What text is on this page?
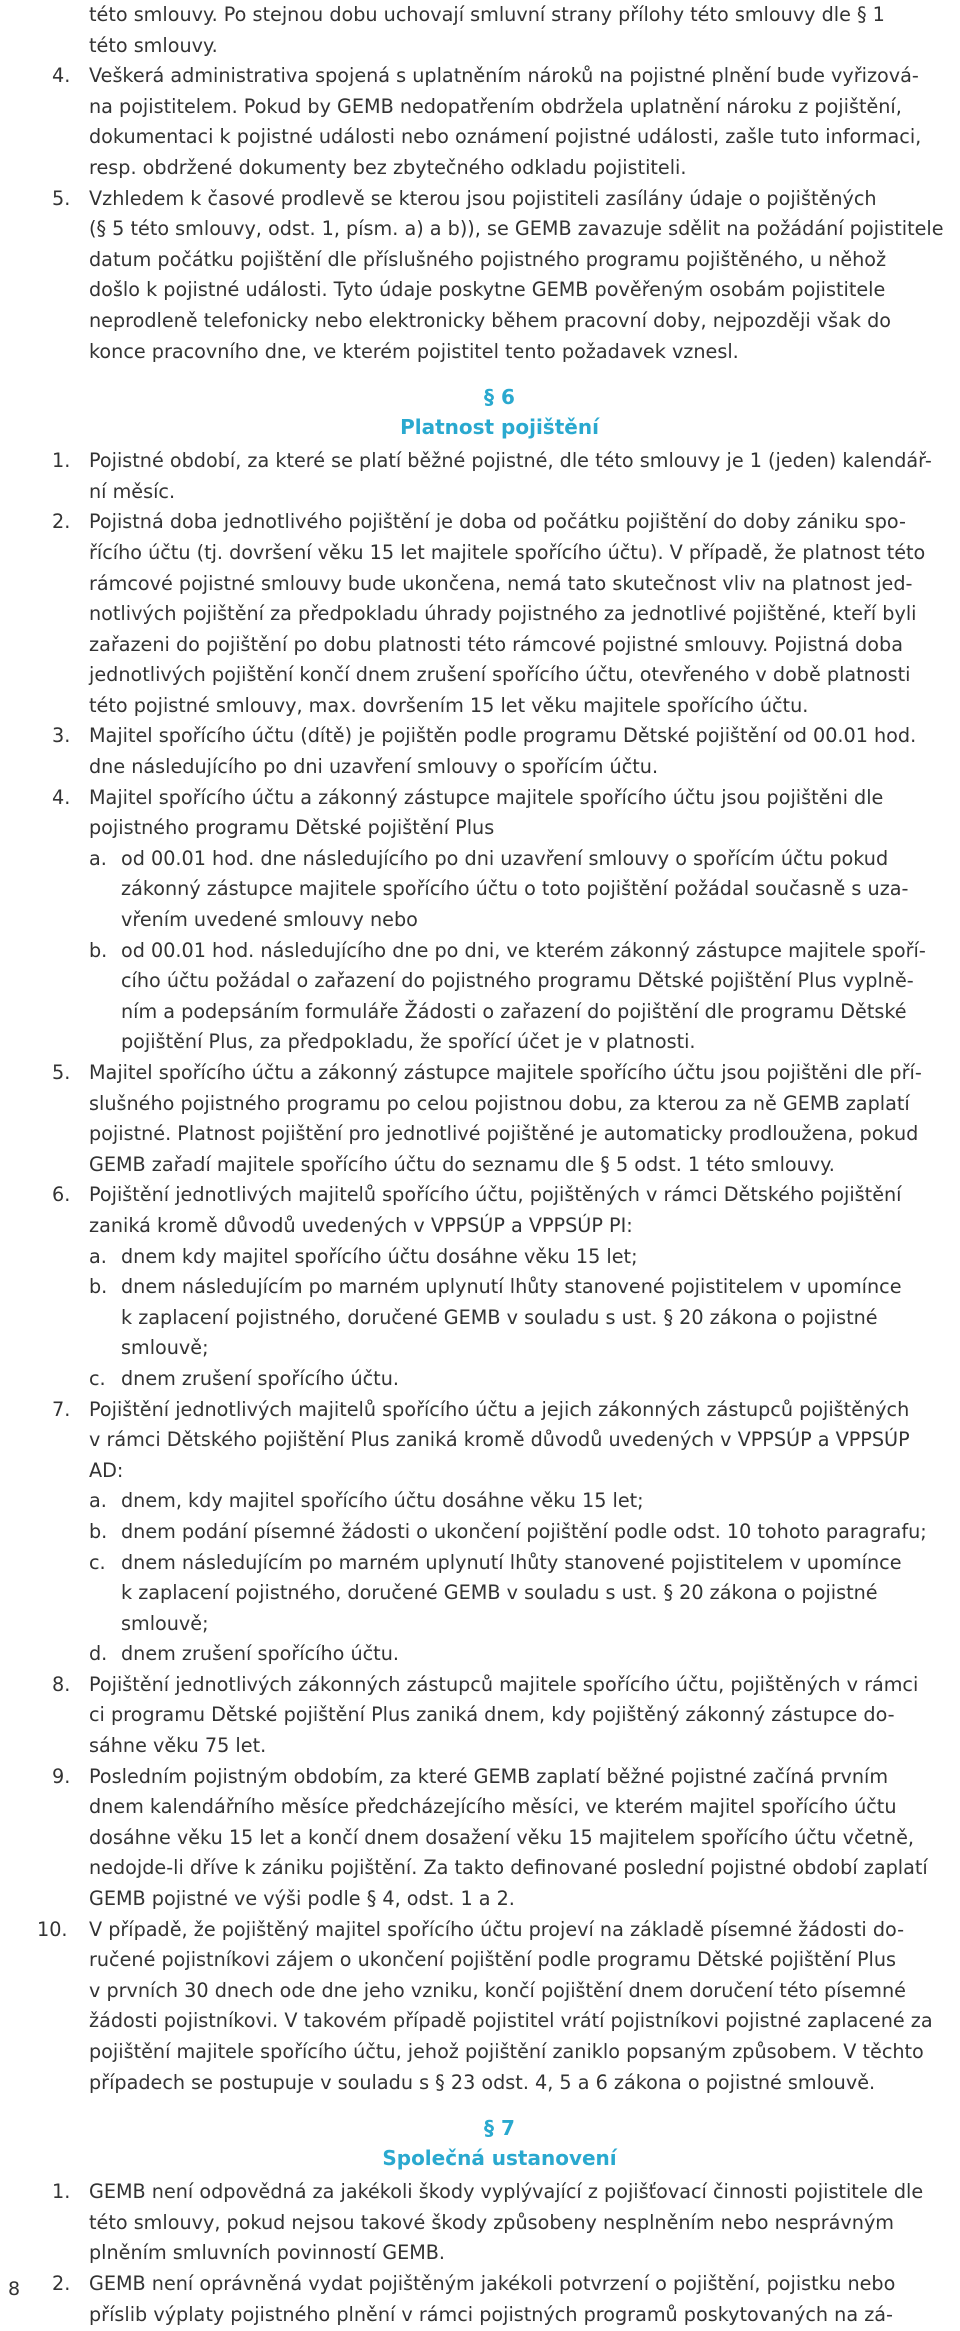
této smlouvy. Po stejnou dobu uchovají smluvní strany přílohy této smlouvy dle § 1
této smlouvy.
4. Veškerá administrativa spojená s uplatněním nároků na pojistné plnění bude vyřizová-
na pojistitelem. Pokud by GEMB nedopatřením obdržela uplatnění nároku z pojištění,
dokumentaci k pojistné události nebo oznámení pojistné události, zašle tuto informaci,
resp. obdržené dokumenty bez zbytečného odkladu pojistiteli.
5. Vzhledem k časové prodlevě se kterou jsou pojistiteli zasílány údaje o pojištěných
(§ 5 této smlouvy, odst. 1, písm. a) a b)), se GEMB zavazuje sdělit na požádání pojistitele
datum počátku pojištění dle příslušného pojistného programu pojištěného, u něhož
došlo k pojistné události. Tyto údaje poskytne GEMB pověřeným osobám pojistitele
neprodleně telefonicky nebo elektronicky během pracovní doby, nejpozději však do
konce pracovního dne, ve kterém pojistitel tento požadavek vznesl.
§ 6
Platnost pojištění
1. Pojistné období, za které se platí běžné pojistné, dle této smlouvy je 1 (jeden) kalendář-
ní měsíc.
2. Pojistná doba jednotlivého pojištění je doba od počátku pojištění do doby zániku spo-
řícího účtu (tj. dovršení věku 15 let majitele spořícího účtu). V případě, že platnost této
rámcové pojistné smlouvy bude ukončena, nemá tato skutečnost vliv na platnost jed-
notlivých pojištění za předpokladu úhrady pojistného za jednotlivé pojištěné, kteří byli
zařazeni do pojištění po dobu platnosti této rámcové pojistné smlouvy. Pojistná doba
jednotlivých pojištění končí dnem zrušení spořícího účtu, otevřeného v době platnosti
této pojistné smlouvy, max. dovršením 15 let věku majitele spořícího účtu.
3. Majitel spořícího účtu (dítě) je pojištěn podle programu Dětské pojištění od 00.01 hod.
dne následujícího po dni uzavření smlouvy o spořícím účtu.
4. Majitel spořícího účtu a zákonný zástupce majitele spořícího účtu jsou pojištěni dle
pojistného programu Dětské pojištění Plus
a. od 00.01 hod. dne následujícího po dni uzavření smlouvy o spořícím účtu pokud
zákonný zástupce majitele spořícího účtu o toto pojištění požádal současně s uza-
vřením uvedené smlouvy nebo
b. od 00.01 hod. následujícího dne po dni, ve kterém zákonný zástupce majitele spoří-
cího účtu požádal o zařazení do pojistného programu Dětské pojištění Plus vyplně-
ním a podepsáním formuláře Žádosti o zařazení do pojištění dle programu Dětské
pojištění Plus, za předpokladu, že spořící účet je v platnosti.
5. Majitel spořícího účtu a zákonný zástupce majitele spořícího účtu jsou pojištěni dle pří-
slušného pojistného programu po celou pojistnou dobu, za kterou za ně GEMB zaplatí
pojistné. Platnost pojištění pro jednotlivé pojištěné je automaticky prodloužena, pokud
GEMB zařadí majitele spořícího účtu do seznamu dle § 5 odst. 1 této smlouvy.
6. Pojištění jednotlivých majitelů spořícího účtu, pojištěných v rámci Dětského pojištění
zaniká kromě důvodů uvedených v VPPSÚP a VPPSÚP PI:
a. dnem kdy majitel spořícího účtu dosáhne věku 15 let;
b. dnem následujícím po marném uplynutí lhůty stanovené pojistitelem v upomínce
k zaplacení pojistného, doručené GEMB v souladu s ust. § 20 zákona o pojistné
smlouvě;
c. dnem zrušení spořícího účtu.
7. Pojištění jednotlivých majitelů spořícího účtu a jejich zákonných zástupců pojištěných
v rámci Dětského pojištění Plus zaniká kromě důvodů uvedených v VPPSÚP a VPPSÚP
AD:
a. dnem, kdy majitel spořícího účtu dosáhne věku 15 let;
b. dnem podání písemné žádosti o ukončení pojištění podle odst. 10 tohoto paragrafu;
c. dnem následujícím po marném uplynutí lhůty stanovené pojistitelem v upomínce
k zaplacení pojistného, doručené GEMB v souladu s ust. § 20 zákona o pojistné
smlouvě;
d. dnem zrušení spořícího účtu.
8. Pojištění jednotlivých zákonných zástupců majitele spořícího účtu, pojištěných v rámci
ci programu Dětské pojištění Plus zaniká dnem, kdy pojištěný zákonný zástupce do-
sáhne věku 75 let.
9. Posledním pojistným obdobím, za které GEMB zaplatí běžné pojistné začíná prvním
dnem kalendářního měsíce předcházejícího měsíci, ve kterém majitel spořícího účtu
dosáhne věku 15 let a končí dnem dosažení věku 15 majitelem spořícího účtu včetně,
nedojde-li dříve k zániku pojištění. Za takto definované poslední pojistné období zaplatí
GEMB pojistné ve výši podle § 4, odst. 1 a 2.
10.	V případě, že pojištěný majitel spořícího účtu projeví na základě písemné žádosti do-
ručené pojistníkovi zájem o ukončení pojištění podle programu Dětské pojištění Plus
v prvních 30 dnech ode dne jeho vzniku, končí pojištění dnem doručení této písemné
žádosti pojistníkovi. V takovém případě pojistitel vrátí pojistníkovi pojistné zaplacené za
pojištění majitele spořícího účtu, jehož pojištění zaniklo popsaným způsobem. V těchto
případech se postupuje v souladu s § 23 odst. 4, 5 a 6 zákona o pojistné smlouvě.
§ 7
Společná ustanovení
1. GEMB není odpovědná za jakékoli škody vyplývající z pojišťovací činnosti pojistitele dle
této smlouvy, pokud nejsou takové škody způsobeny nesplněním nebo nesprávným
plněním smluvních povinností GEMB.
2. GEMB není oprávněná vydat pojištěným jakékoli potvrzení o pojištění, pojistku nebo
příslib výplaty pojistného plnění v rámci pojistných programů poskytovaných na zá-
8
